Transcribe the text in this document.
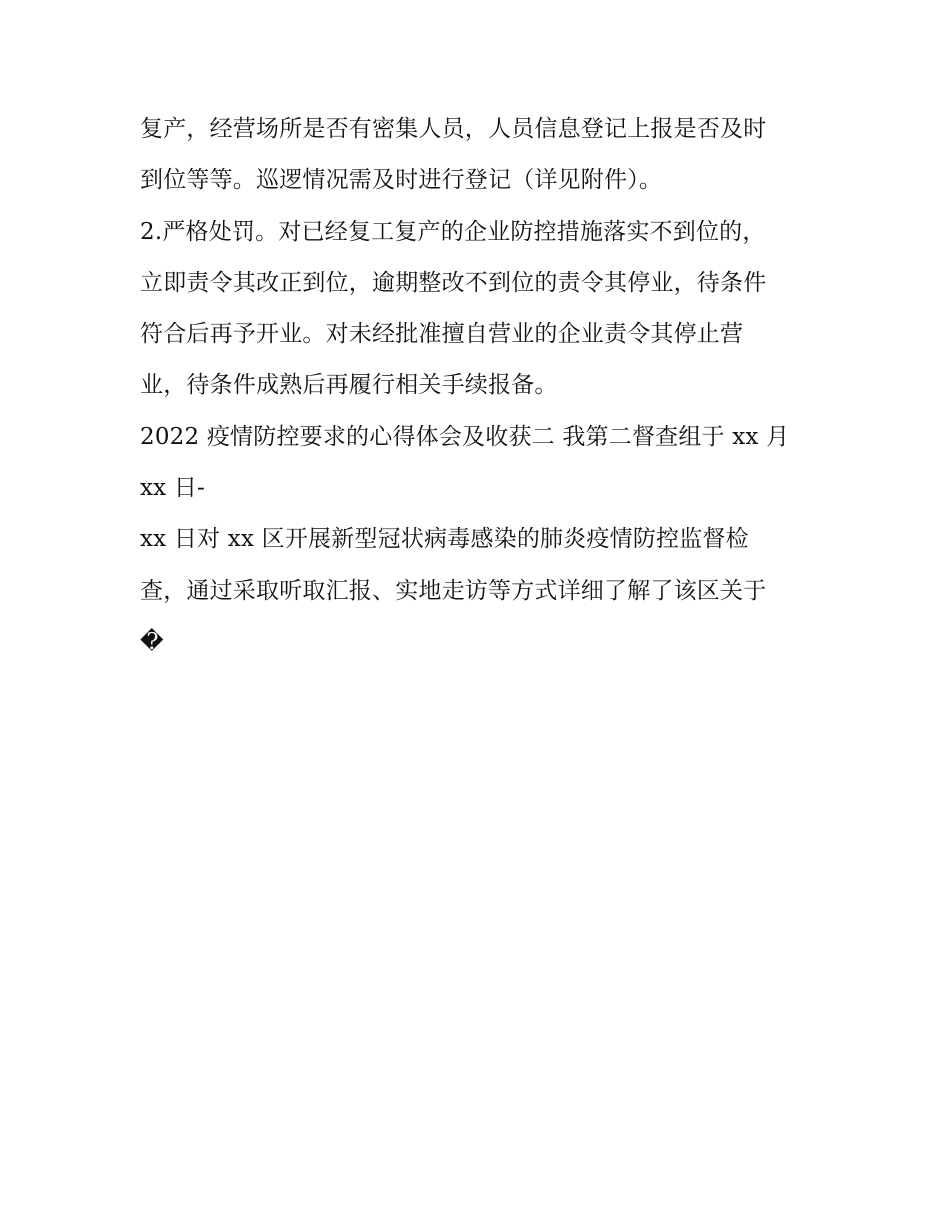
复产，经营场所是否有密集人员，人员信息登记上报是否及时
到位等等。巡逻情况需及时进行登记（详见附件）。
2.严格处罚。对已经复工复产的企业防控措施落实不到位的，
立即责令其改正到位，逾期整改不到位的责令其停业，待条件
符合后再予开业。对未经批准擅自营业的企业责令其停止营
业，待条件成熟后再履行相关手续报备。
2022 疫情防控要求的心得体会及收获二 我第二督查组于 xx 月
xx 日-
xx 日对 xx 区开展新型冠状病毒感染的肺炎疫情防控监督检
查，通过采取听取汇报、实地走访等方式详细了解了该区关于
�
